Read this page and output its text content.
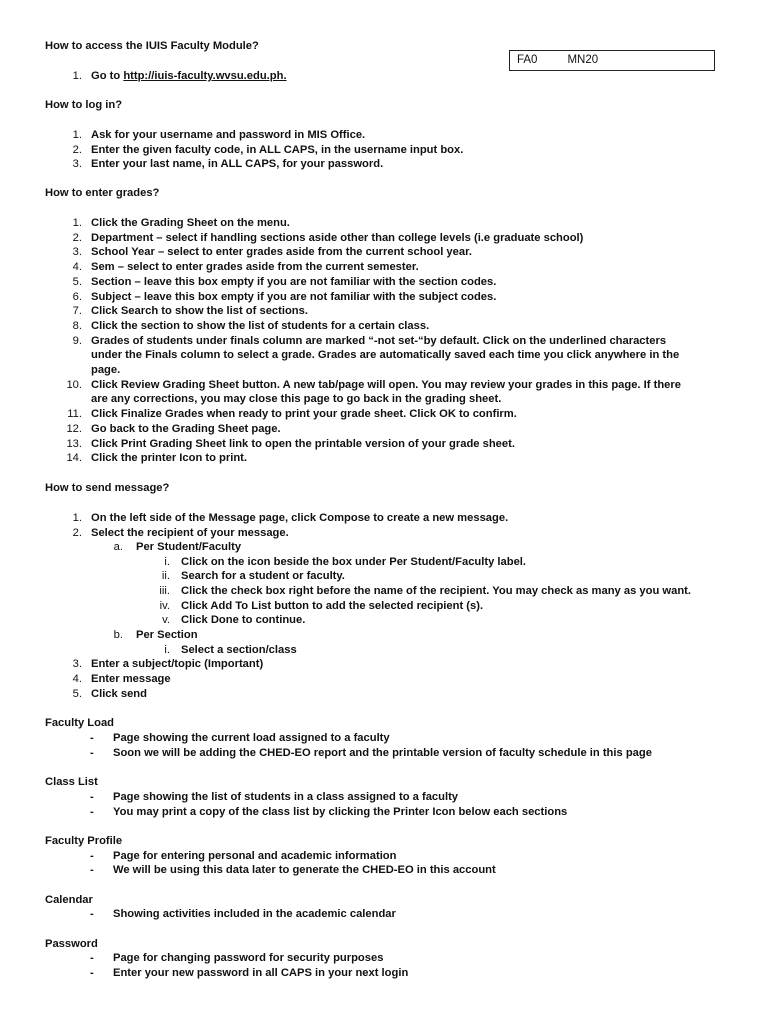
FA0	MN20
How to access the IUIS Faculty Module?
1. Go to http://iuis-faculty.wvsu.edu.ph.
How to log in?
1. Ask for your username and password in MIS Office.
2. Enter the given faculty code, in ALL CAPS, in the username input box.
3. Enter your last name, in ALL CAPS, for your password.
How to enter grades?
1. Click the Grading Sheet on the menu.
2. Department – select if handling sections aside other than college levels (i.e graduate school)
3. School Year – select to enter grades aside from the current school year.
4. Sem – select to enter grades aside from the current semester.
5. Section – leave this box empty if you are not familiar with the section codes.
6. Subject – leave this box empty if you are not familiar with the subject codes.
7. Click Search to show the list of sections.
8. Click the section to show the list of students for a certain class.
9. Grades of students under finals column are marked “-not set-“by default. Click on the underlined characters
under the Finals column to select a grade. Grades are automatically saved each time you click anywhere in the
page.
10. Click Review Grading Sheet button. A new tab/page will open. You may review your grades in this page. If there
are any corrections, you may close this page to go back in the grading sheet.
11. Click Finalize Grades when ready to print your grade sheet. Click OK to confirm.
12. Go back to the Grading Sheet page.
13. Click Print Grading Sheet link to open the printable version of your grade sheet.
14. Click the printer Icon to print.
How to send message?
1. On the left side of the Message page, click Compose to create a new message.
2. Select the recipient of your message.
a. Per Student/Faculty
i. Click on the icon beside the box under Per Student/Faculty label.
ii. Search for a student or faculty.
iii. Click the check box right before the name of the recipient. You may check as many as you want.
iv. Click Add To List button to add the selected recipient (s).
v. Click Done to continue.
b. Per Section
i. Select a section/class
3. Enter a subject/topic (Important)
4. Enter message
5. Click send
Faculty Load
- Page showing the current load assigned to a faculty
- Soon we will be adding the CHED-EO report and the printable version of faculty schedule in this page
Class List
- Page showing the list of students in a class assigned to a faculty
- You may print a copy of the class list by clicking the Printer Icon below each sections
Faculty Profile
- Page for entering personal and academic information
- We will be using this data later to generate the CHED-EO in this account
Calendar
- Showing activities included in the academic calendar
Password
- Page for changing password for security purposes
- Enter your new password in all CAPS in your next login
